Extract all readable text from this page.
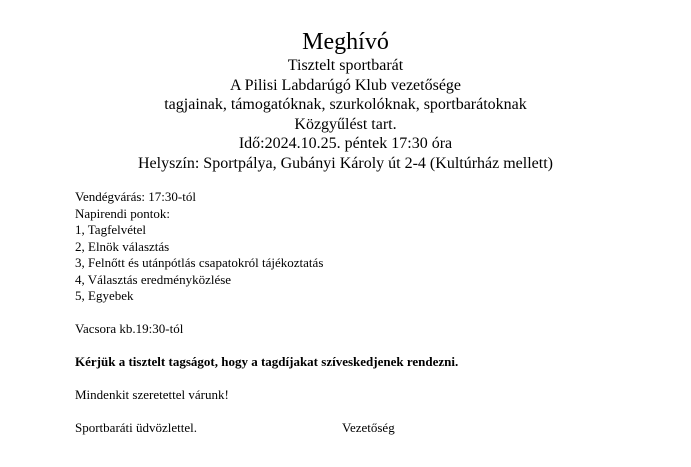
Meghívó

Tisztelt sportbarát

A Pilisi Labdarúgó Klub vezetősége

tagjainak, támogatóknak, szurkolóknak, sportbarátoknak

Közgyűlést tart.

Idő:2024.10.25. péntek 17:30 óra

Helyszín: Sportpálya, Gubányi Károly út 2-4 (Kultúrház mellett)

Vendégvárás: 17:30-tól

Napirendi pontok:

1, Tagfelvétel

2, Elnök választás

3, Felnőtt és utánpótlás csapatokról tájékoztatás

4, Választás eredményközlése

5, Egyebek

Vacsora kb.19:30-tól

Kérjük a tisztelt tagságot, hogy a tagdíjakat szíveskedjenek rendezni.

Mindenkit szeretettel várunk!

Sportbaráti üdvözlettel.	Vezetőség
